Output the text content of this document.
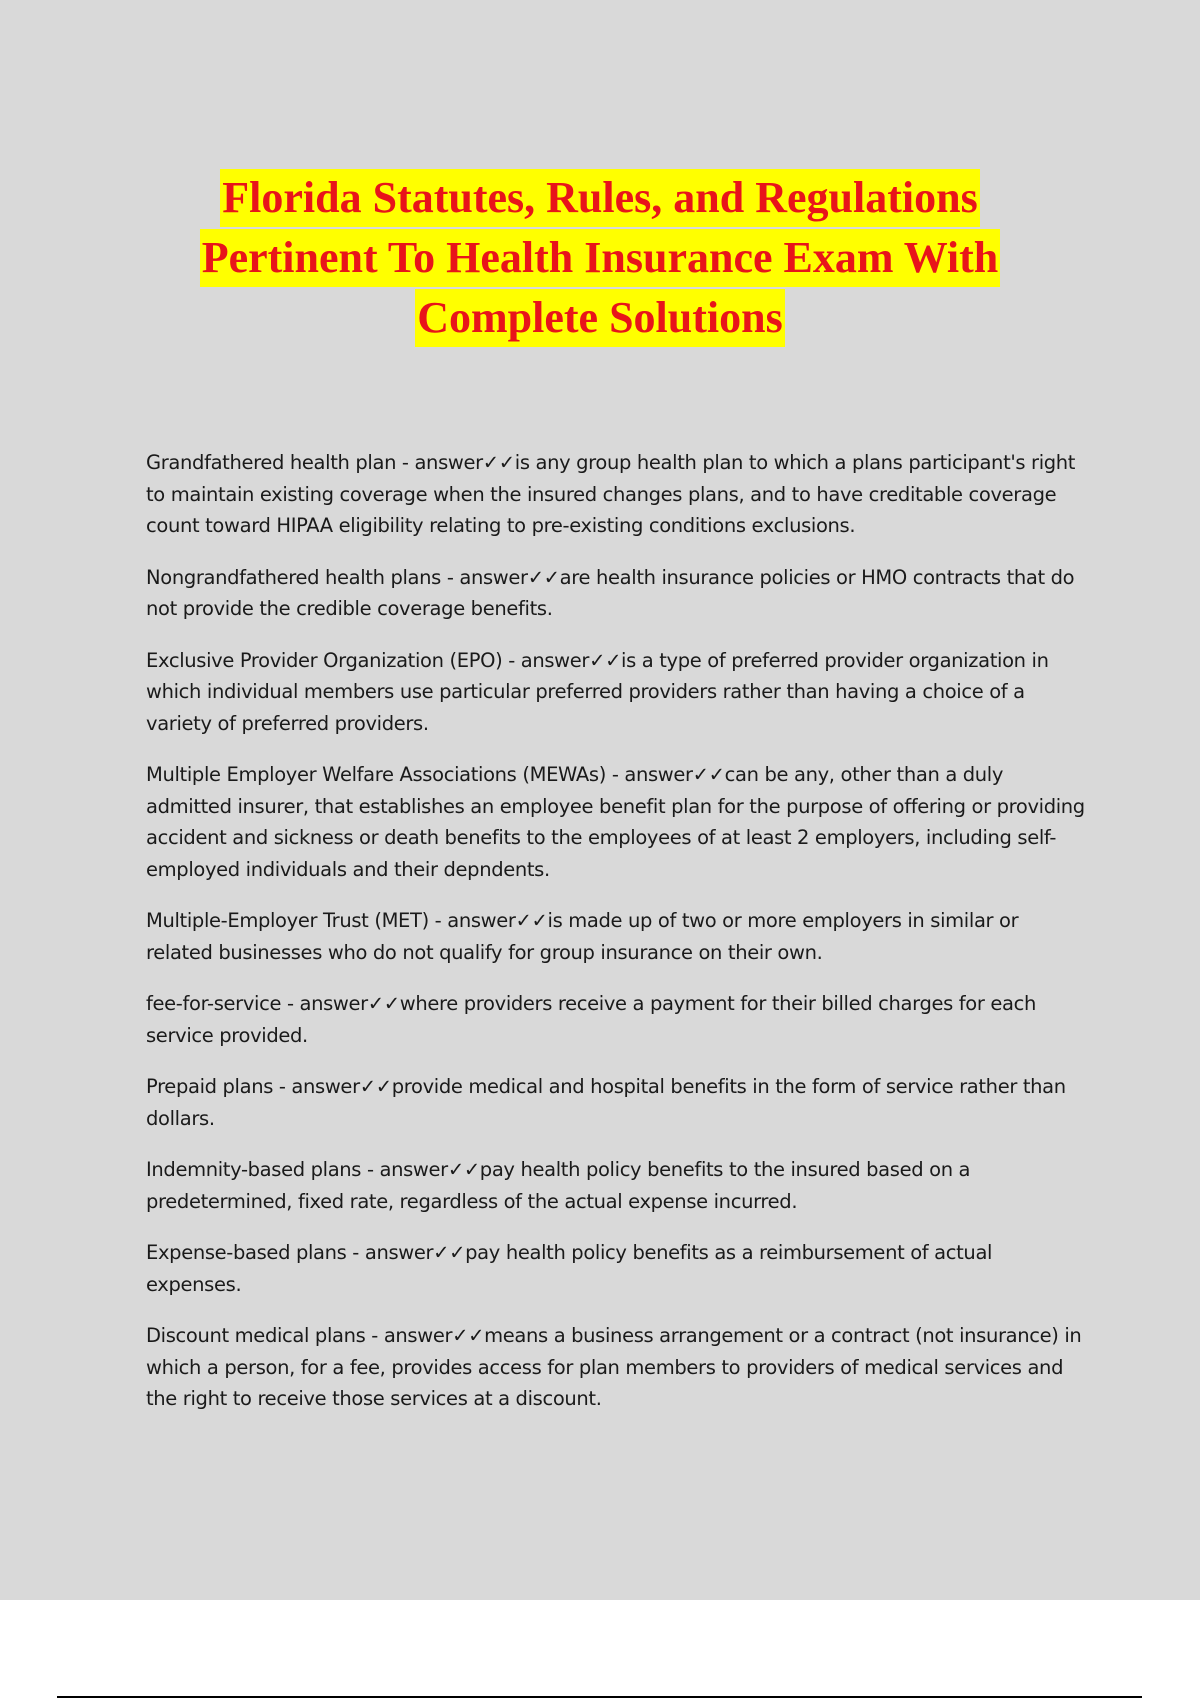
Florida Statutes, Rules, and Regulations
Pertinent To Health Insurance Exam With
Complete Solutions

Grandfathered health plan - answer✓✓is any group health plan to which a plans participant's right to maintain existing coverage when the insured changes plans, and to have creditable coverage count toward HIPAA eligibility relating to pre-existing conditions exclusions.

Nongrandfathered health plans - answer✓✓are health insurance policies or HMO contracts that do not provide the credible coverage benefits.

Exclusive Provider Organization (EPO) - answer✓✓is a type of preferred provider organization in which individual members use particular preferred providers rather than having a choice of a variety of preferred providers.

Multiple Employer Welfare Associations (MEWAs) - answer✓✓can be any, other than a duly admitted insurer, that establishes an employee benefit plan for the purpose of offering or providing accident and sickness or death benefits to the employees of at least 2 employers, including self-employed individuals and their depndents.

Multiple-Employer Trust (MET) - answer✓✓is made up of two or more employers in similar or related businesses who do not qualify for group insurance on their own.

fee-for-service - answer✓✓where providers receive a payment for their billed charges for each service provided.

Prepaid plans - answer✓✓provide medical and hospital benefits in the form of service rather than dollars.

Indemnity-based plans - answer✓✓pay health policy benefits to the insured based on a predetermined, fixed rate, regardless of the actual expense incurred.

Expense-based plans - answer✓✓pay health policy benefits as a reimbursement of actual expenses.

Discount medical plans - answer✓✓means a business arrangement or a contract (not insurance) in which a person, for a fee, provides access for plan members to providers of medical services and the right to receive those services at a discount.
